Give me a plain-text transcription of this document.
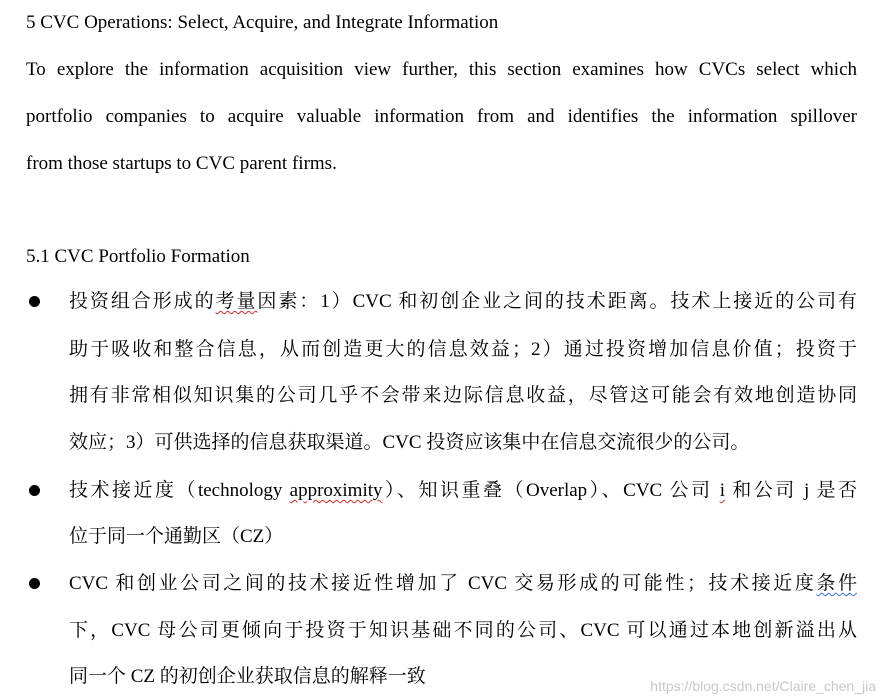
5 CVC Operations: Select, Acquire, and Integrate Information
To explore the information acquisition view further, this section examines how CVCs select which
portfolio companies to acquire valuable information from and identifies the information spillover
from those startups to CVC parent firms.
5.1 CVC Portfolio Formation
投资组合形成的考量因素：1）CVC 和初创企业之间的技术距离。技术上接近的公司有
助于吸收和整合信息，从而创造更大的信息效益；2）通过投资增加信息价值；投资于
拥有非常相似知识集的公司几乎不会带来边际信息收益，尽管这可能会有效地创造协同
效应；3）可供选择的信息获取渠道。CVC 投资应该集中在信息交流很少的公司。
技术接近度（technology approximity）、知识重叠（Overlap）、CVC 公司 i 和公司 j 是否
位于同一个通勤区（CZ）
CVC 和创业公司之间的技术接近性增加了 CVC 交易形成的可能性；技术接近度条件
下，CVC 母公司更倾向于投资于知识基础不同的公司、CVC 可以通过本地创新溢出从
同一个 CZ 的初创企业获取信息的解释一致	https://blog.csdn.net/Claire_chen_jia
